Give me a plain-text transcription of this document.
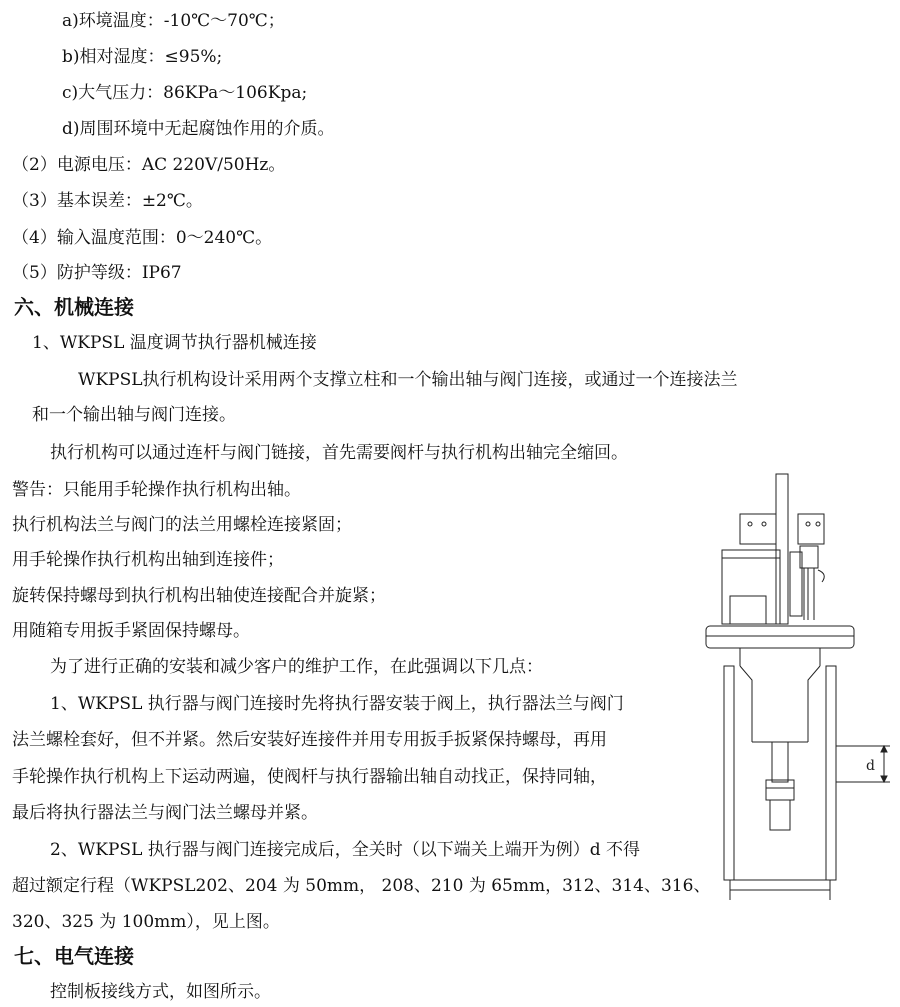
a)环境温度：-10℃～70℃；
b)相对湿度：≤95%;
c)大气压力：86KPa～106Kpa;
d)周围环境中无起腐蚀作用的介质。
（2）电源电压：AC 220V/50Hz。
（3）基本误差：±2℃。
（4）输入温度范围：0～240℃。
（5）防护等级：IP67
六、机械连接
1、WKPSL 温度调节执行器机械连接
WKPSL执行机构设计采用两个支撑立柱和一个输出轴与阀门连接，或通过一个连接法兰
和一个输出轴与阀门连接。
执行机构可以通过连杆与阀门链接，首先需要阀杆与执行机构出轴完全缩回。
警告：只能用手轮操作执行机构出轴。
执行机构法兰与阀门的法兰用螺栓连接紧固；
用手轮操作执行机构出轴到连接件；
旋转保持螺母到执行机构出轴使连接配合并旋紧；
用随箱专用扳手紧固保持螺母。
为了进行正确的安装和减少客户的维护工作，在此强调以下几点：
1、WKPSL 执行器与阀门连接时先将执行器安装于阀上，执行器法兰与阀门
法兰螺栓套好，但不并紧。然后安装好连接件并用专用扳手扳紧保持螺母，再用
手轮操作执行机构上下运动两遍，使阀杆与执行器输出轴自动找正，保持同轴，
最后将执行器法兰与阀门法兰螺母并紧。
2、WKPSL 执行器与阀门连接完成后，全关时（以下端关上端开为例）d 不得
超过额定行程（WKPSL202、204 为 50mm， 208、210 为 65mm，312、314、316、
320、325 为 100mm），见上图。
七、电气连接
控制板接线方式，如图所示。
d
